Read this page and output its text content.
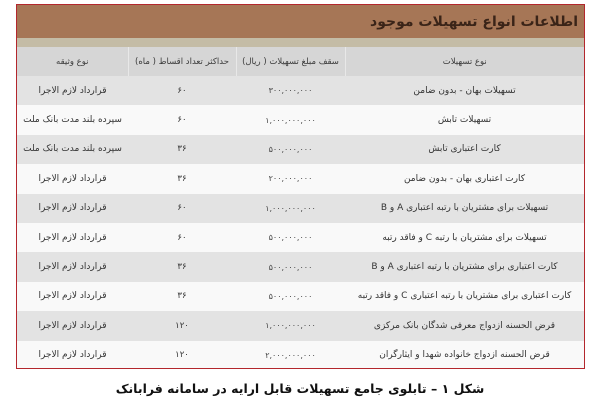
اطلاعات انواع تسهیلات موجود
نوع تسهیلات	سقف مبلغ تسهیلات ( ریال)	حداکثر تعداد اقساط ( ماه)	نوع وثیقه
تسهیلات بهان - بدون ضامن	۳۰۰,۰۰۰,۰۰۰	۶۰	قرارداد لازم الاجرا
تسهیلات تابش	۱,۰۰۰,۰۰۰,۰۰۰	۶۰	سپرده بلند مدت بانک ملت
کارت اعتباری تابش	۵۰۰,۰۰۰,۰۰۰	۳۶	سپرده بلند مدت بانک ملت
کارت اعتباری بهان - بدون ضامن	۲۰۰,۰۰۰,۰۰۰	۳۶	قرارداد لازم الاجرا
تسهیلات برای مشتریان با رتبه اعتباری A و B	۱,۰۰۰,۰۰۰,۰۰۰	۶۰	قرارداد لازم الاجرا
تسهیلات برای مشتریان با رتبه C و فاقد رتبه	۵۰۰,۰۰۰,۰۰۰	۶۰	قرارداد لازم الاجرا
کارت اعتباری برای مشتریان با رتبه اعتباری A و B	۵۰۰,۰۰۰,۰۰۰	۳۶	قرارداد لازم الاجرا
کارت اعتباری برای مشتریان با رتبه اعتباری C و فاقد رتبه	۵۰۰,۰۰۰,۰۰۰	۳۶	قرارداد لازم الاجرا
قرض الحسنه ازدواج معرفی شدگان بانک مرکزی	۱,۰۰۰,۰۰۰,۰۰۰	۱۲۰	قرارداد لازم الاجرا
قرض الحسنه ازدواج خانواده شهدا و ایثارگران	۲,۰۰۰,۰۰۰,۰۰۰	۱۲۰	قرارداد لازم الاجرا
شکل ۱ – تابلوی جامع تسهیلات قابل ارایه در سامانه فرابانک
